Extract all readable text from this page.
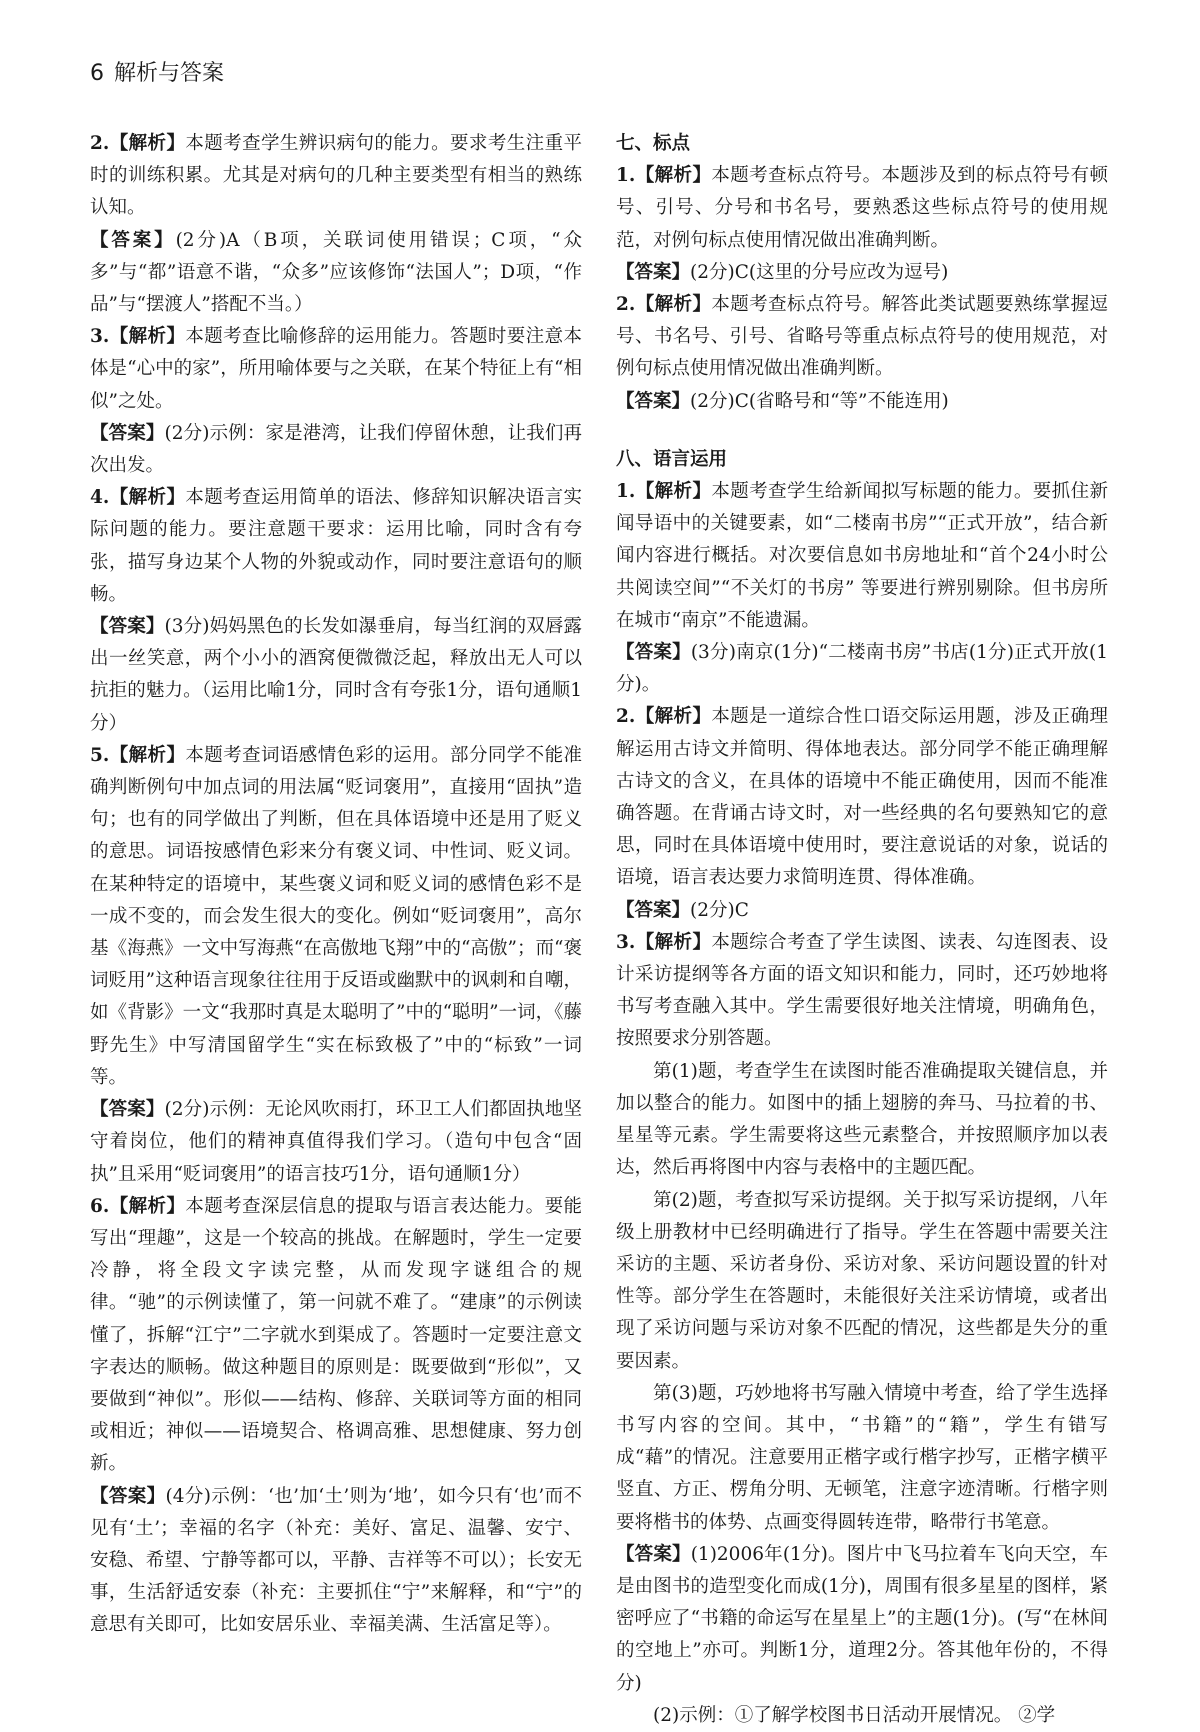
6 解析与答案

2.【解析】本题考查学生辨识病句的能力。要求考生注重平时的训练积累。尤其是对病句的几种主要类型有相当的熟练认知。

【答案】(2分)A（B项，关联词使用错误；C项，“众多”与“都”语意不谐，“众多”应该修饰“法国人”；D项，“作品”与“摆渡人”搭配不当。）

3.【解析】本题考查比喻修辞的运用能力。答题时要注意本体是“心中的家”，所用喻体要与之关联，在某个特征上有“相似”之处。

【答案】(2分)示例：家是港湾，让我们停留休憩，让我们再次出发。

4.【解析】本题考查运用简单的语法、修辞知识解决语言实际问题的能力。要注意题干要求：运用比喻，同时含有夸张，描写身边某个人物的外貌或动作，同时要注意语句的顺畅。

【答案】(3分)妈妈黑色的长发如瀑垂肩，每当红润的双唇露出一丝笑意，两个小小的酒窝便微微泛起，释放出无人可以抗拒的魅力。（运用比喻1分，同时含有夸张1分，语句通顺1分）

5.【解析】本题考查词语感情色彩的运用。部分同学不能准确判断例句中加点词的用法属“贬词褒用”，直接用“固执”造句；也有的同学做出了判断，但在具体语境中还是用了贬义的意思。词语按感情色彩来分有褒义词、中性词、贬义词。在某种特定的语境中，某些褒义词和贬义词的感情色彩不是一成不变的，而会发生很大的变化。例如“贬词褒用”，高尔基《海燕》一文中写海燕“在高傲地飞翔”中的“高傲”；而“褒词贬用”这种语言现象往往用于反语或幽默中的讽刺和自嘲，如《背影》一文“我那时真是太聪明了”中的“聪明”一词，《藤野先生》中写清国留学生“实在标致极了”中的“标致”一词等。

【答案】(2分)示例：无论风吹雨打，环卫工人们都固执地坚守着岗位，他们的精神真值得我们学习。（造句中包含“固执”且采用“贬词褒用”的语言技巧1分，语句通顺1分）

6.【解析】本题考查深层信息的提取与语言表达能力。要能写出“理趣”，这是一个较高的挑战。在解题时，学生一定要冷静，将全段文字读完整，从而发现字谜组合的规律。“驰”的示例读懂了，第一问就不难了。“建康”的示例读懂了，拆解“江宁”二字就水到渠成了。答题时一定要注意文字表达的顺畅。做这种题目的原则是：既要做到“形似”，又要做到“神似”。形似——结构、修辞、关联词等方面的相同或相近；神似——语境契合、格调高雅、思想健康、努力创新。

【答案】(4分)示例：‘也’加‘土’则为‘地’，如今只有‘也’而不见有‘土’；幸福的名字（补充：美好、富足、温馨、安宁、安稳、希望、宁静等都可以，平静、吉祥等不可以）；长安无事，生活舒适安泰（补充：主要抓住“宁”来解释，和“宁”的意思有关即可，比如安居乐业、幸福美满、生活富足等）。

七、标点

1.【解析】本题考查标点符号。本题涉及到的标点符号有顿号、引号、分号和书名号，要熟悉这些标点符号的使用规范，对例句标点使用情况做出准确判断。

【答案】(2分)C(这里的分号应改为逗号)

2.【解析】本题考查标点符号。解答此类试题要熟练掌握逗号、书名号、引号、省略号等重点标点符号的使用规范，对例句标点使用情况做出准确判断。

【答案】(2分)C(省略号和“等”不能连用)

八、语言运用

1.【解析】本题考查学生给新闻拟写标题的能力。要抓住新闻导语中的关键要素，如“二楼南书房”“正式开放”，结合新闻内容进行概括。对次要信息如书房地址和“首个24小时公共阅读空间”“不关灯的书房” 等要进行辨别剔除。但书房所在城市“南京”不能遗漏。

【答案】(3分)南京(1分)“二楼南书房”书店(1分)正式开放(1分)。

2.【解析】本题是一道综合性口语交际运用题，涉及正确理解运用古诗文并简明、得体地表达。部分同学不能正确理解古诗文的含义，在具体的语境中不能正确使用，因而不能准确答题。在背诵古诗文时，对一些经典的名句要熟知它的意思，同时在具体语境中使用时，要注意说话的对象，说话的语境，语言表达要力求简明连贯、得体准确。

【答案】(2分)C

3.【解析】本题综合考查了学生读图、读表、勾连图表、设计采访提纲等各方面的语文知识和能力，同时，还巧妙地将书写考查融入其中。学生需要很好地关注情境，明确角色，按照要求分别答题。

第(1)题，考查学生在读图时能否准确提取关键信息，并加以整合的能力。如图中的插上翅膀的奔马、马拉着的书、星星等元素。学生需要将这些元素整合，并按照顺序加以表达，然后再将图中内容与表格中的主题匹配。

第(2)题，考查拟写采访提纲。关于拟写采访提纲，八年级上册教材中已经明确进行了指导。学生在答题中需要关注采访的主题、采访者身份、采访对象、采访问题设置的针对性等。部分学生在答题时，未能很好关注采访情境，或者出现了采访问题与采访对象不匹配的情况，这些都是失分的重要因素。

第(3)题，巧妙地将书写融入情境中考查，给了学生选择书写内容的空间。其中，“书籍”的“籍”，学生有错写成“藉”的情况。注意要用正楷字或行楷字抄写，正楷字横平竖直、方正、楞角分明、无顿笔，注意字迹清晰。行楷字则要将楷书的体势、点画变得圆转连带，略带行书笔意。

【答案】(1)2006年(1分)。图片中飞马拉着车飞向天空，车是由图书的造型变化而成(1分)，周围有很多星星的图样，紧密呼应了“书籍的命运写在星星上”的主题(1分)。(写“在林间的空地上”亦可。判断1分，道理2分。答其他年份的，不得分)

(2)示例：①了解学校图书日活动开展情况。 ②学
